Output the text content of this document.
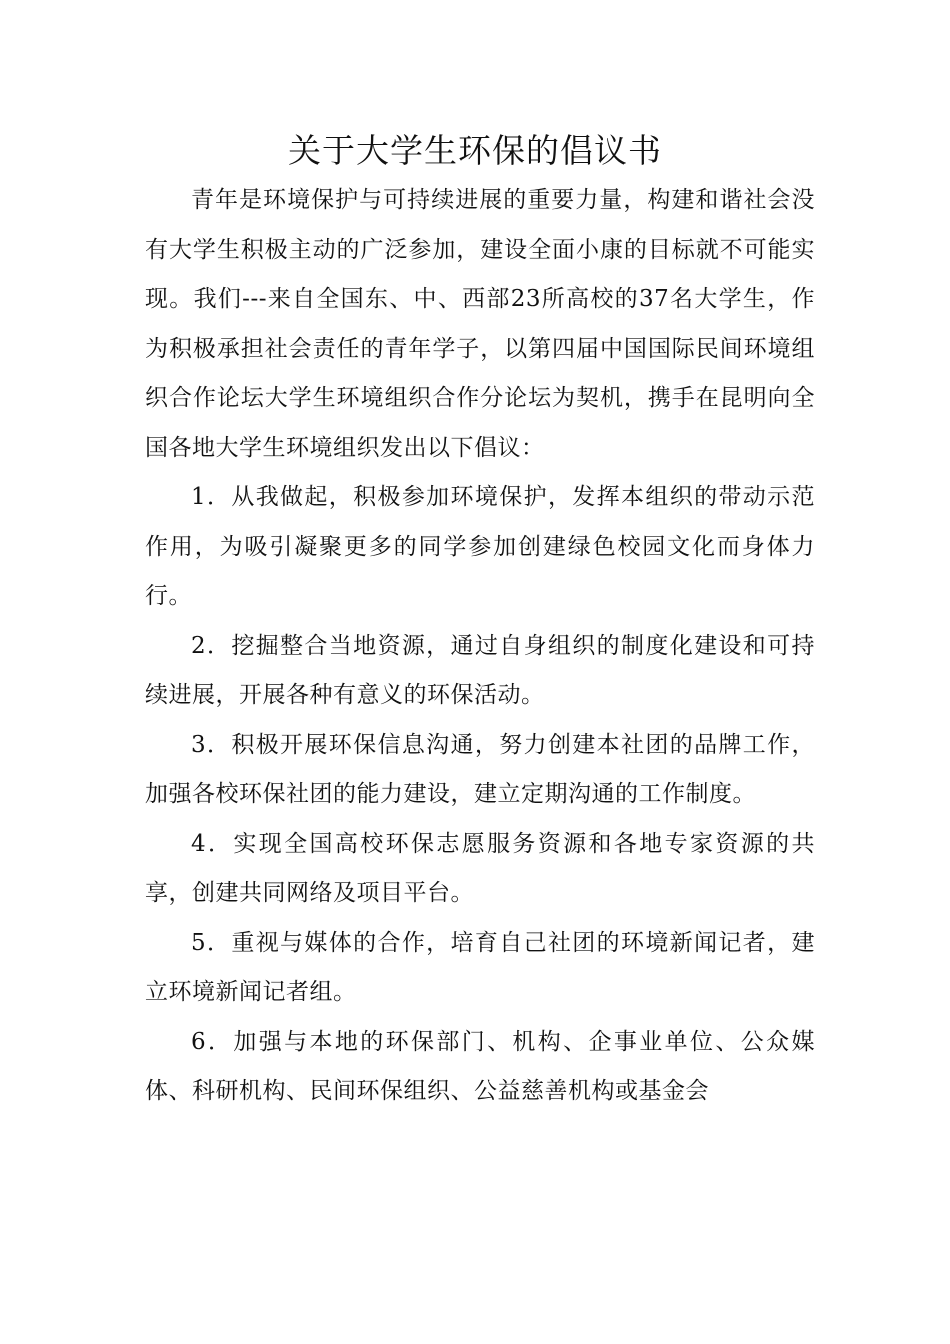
关于大学生环保的倡议书

青年是环境保护与可持续进展的重要力量，构建和谐社会没有大学生积极主动的广泛参加，建设全面小康的目标就不可能实现。我们---来自全国东、中、西部23所高校的37名大学生，作为积极承担社会责任的青年学子，以第四届中国国际民间环境组织合作论坛大学生环境组织合作分论坛为契机，携手在昆明向全国各地大学生环境组织发出以下倡议：

1．从我做起，积极参加环境保护，发挥本组织的带动示范作用，为吸引凝聚更多的同学参加创建绿色校园文化而身体力行。

2．挖掘整合当地资源，通过自身组织的制度化建设和可持续进展，开展各种有意义的环保活动。

3．积极开展环保信息沟通，努力创建本社团的品牌工作，加强各校环保社团的能力建设，建立定期沟通的工作制度。

4．实现全国高校环保志愿服务资源和各地专家资源的共享，创建共同网络及项目平台。

5．重视与媒体的合作，培育自己社团的环境新闻记者，建立环境新闻记者组。

6．加强与本地的环保部门、机构、企事业单位、公众媒体、科研机构、民间环保组织、公益慈善机构或基金会
